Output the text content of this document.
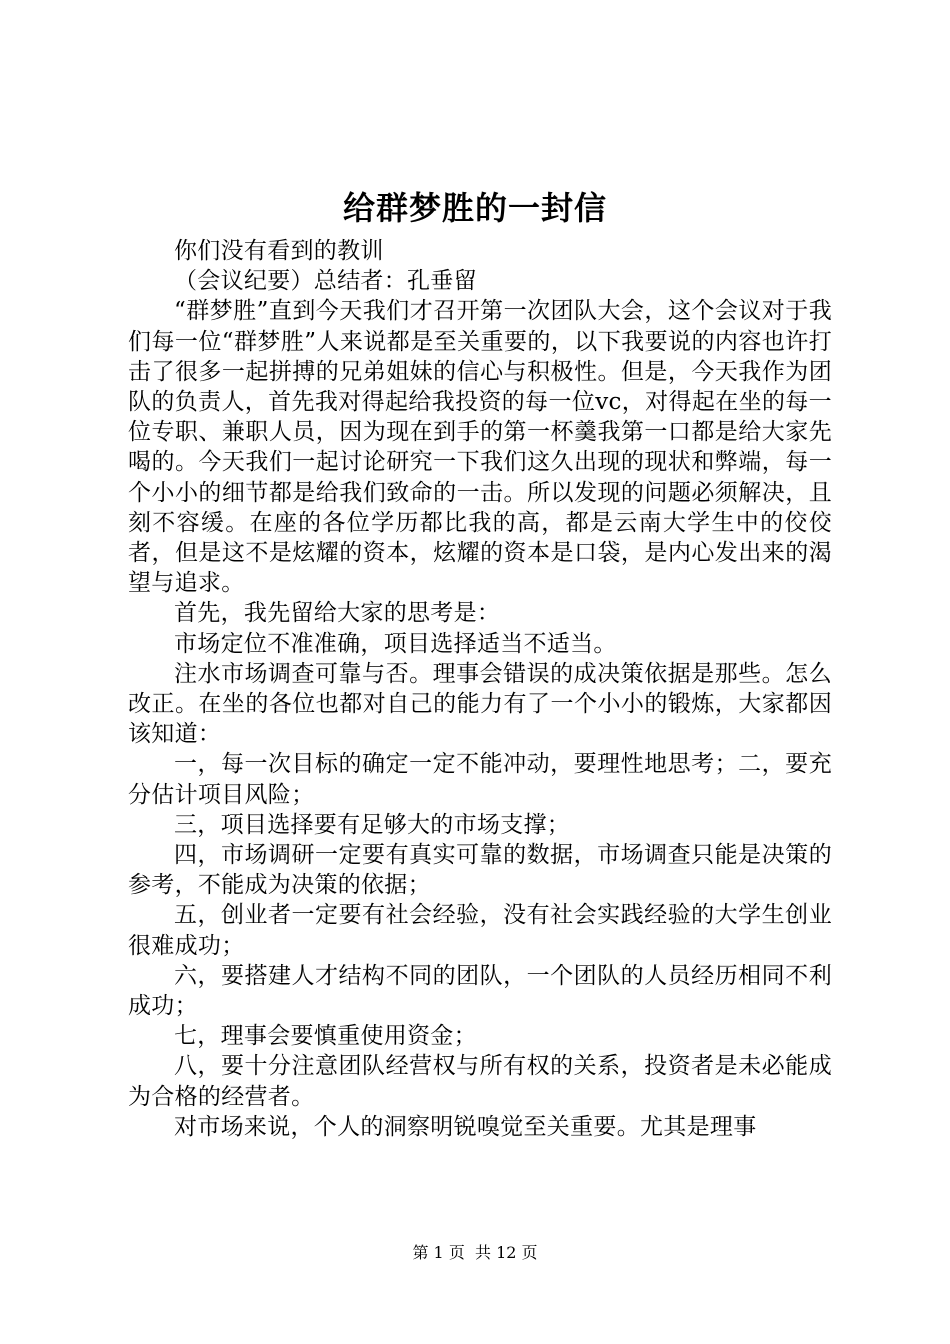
给群梦胜的一封信

你们没有看到的教训

（会议纪要）总结者：孔垂留

“群梦胜”直到今天我们才召开第一次团队大会，这个会议对于我们每一位“群梦胜”人来说都是至关重要的，以下我要说的内容也许打击了很多一起拼搏的兄弟姐妹的信心与积极性。但是，今天我作为团队的负责人，首先我对得起给我投资的每一位vc，对得起在坐的每一位专职、兼职人员，因为现在到手的第一杯羹我第一口都是给大家先喝的。今天我们一起讨论研究一下我们这久出现的现状和弊端，每一个小小的细节都是给我们致命的一击。所以发现的问题必须解决，且刻不容缓。在座的各位学历都比我的高，都是云南大学生中的佼佼者，但是这不是炫耀的资本，炫耀的资本是口袋，是内心发出来的渴望与追求。

首先，我先留给大家的思考是：

市场定位不准准确，项目选择适当不适当。

注水市场调查可靠与否。理事会错误的成决策依据是那些。怎么改正。在坐的各位也都对自己的能力有了一个小小的锻炼，大家都因该知道：

一，每一次目标的确定一定不能冲动，要理性地思考；二，要充分估计项目风险；

三，项目选择要有足够大的市场支撑；

四，市场调研一定要有真实可靠的数据，市场调查只能是决策的参考，不能成为决策的依据；

五，创业者一定要有社会经验，没有社会实践经验的大学生创业很难成功；

六，要搭建人才结构不同的团队，一个团队的人员经历相同不利成功；

七，理事会要慎重使用资金；

八，要十分注意团队经营权与所有权的关系，投资者是未必能成为合格的经营者。

对市场来说，个人的洞察明锐嗅觉至关重要。尤其是理事

第 1 页  共 12 页
